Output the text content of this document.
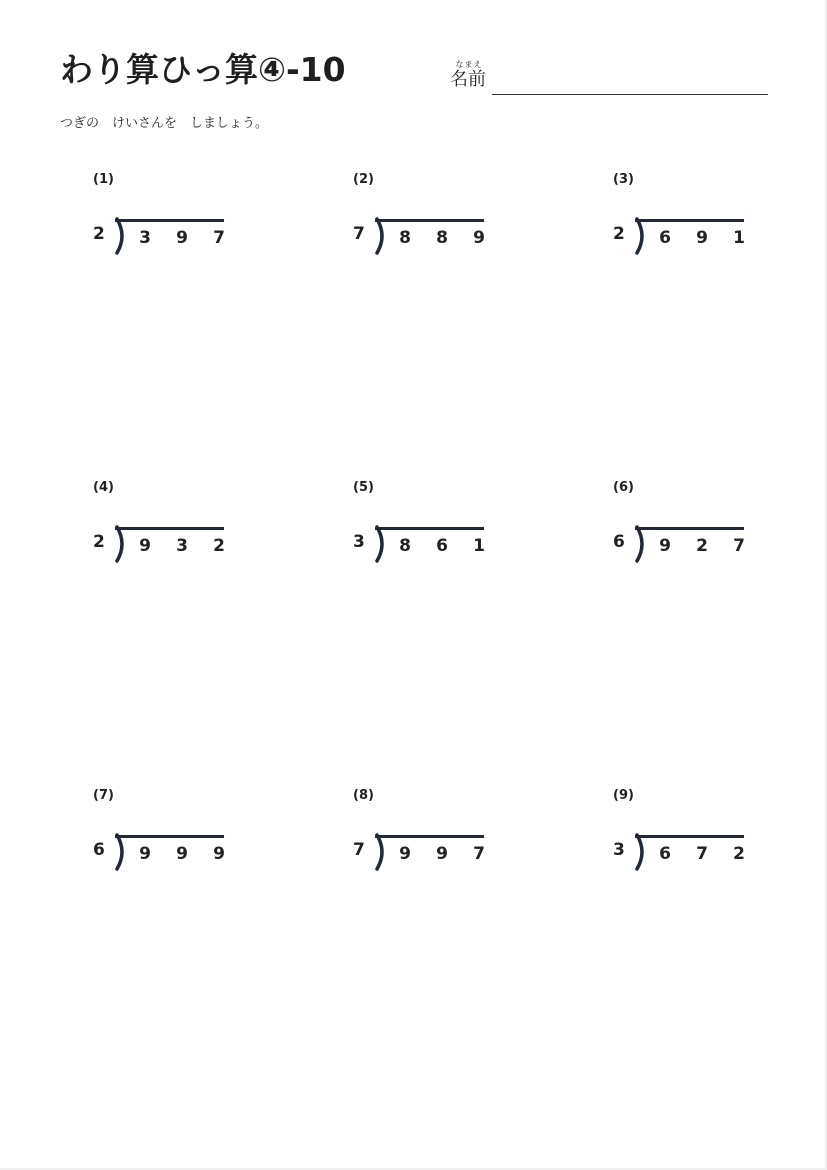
わり算ひっ算④-10	なまえ
名前
つぎの　けいさんを　しましょう。
(1)
2 3 9 7
(2)
7 8 8 9
(3)
2 6 9 1
(4)
2 9 3 2
(5)
3 8 6 1
(6)
6 9 2 7
(7)
6 9 9 9
(8)
7 9 9 7
(9)
3 6 7 2
